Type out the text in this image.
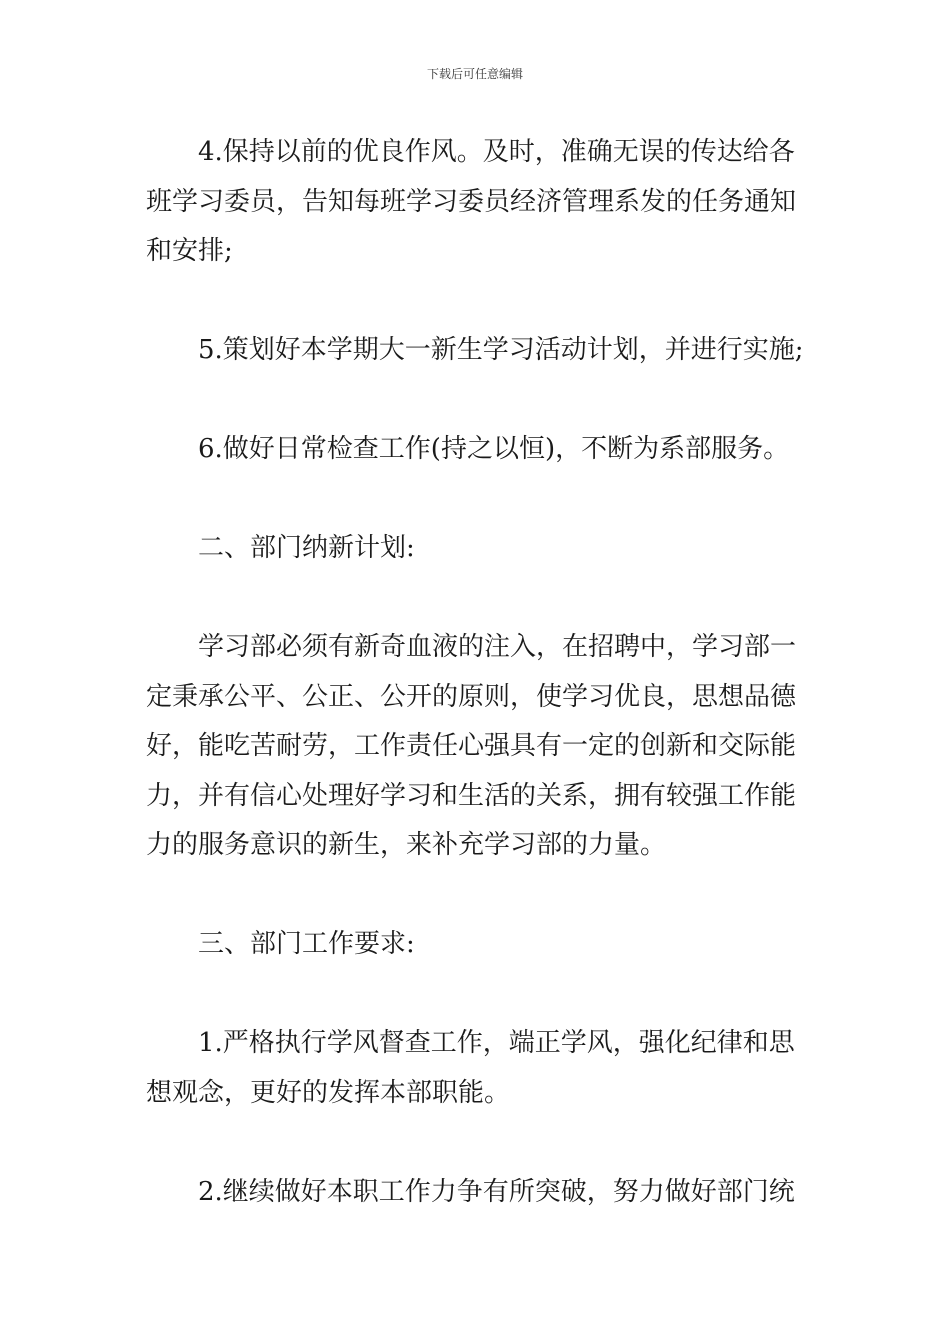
下载后可任意编辑

4.保持以前的优良作风。及时，准确无误的传达给各班学习委员，告知每班学习委员经济管理系发的任务通知和安排;

5.策划好本学期大一新生学习活动计划，并进行实施;

6.做好日常检查工作(持之以恒)，不断为系部服务。

二、部门纳新计划:

学习部必须有新奇血液的注入，在招聘中，学习部一定秉承公平、公正、公开的原则，使学习优良，思想品德好，能吃苦耐劳，工作责任心强具有一定的创新和交际能力，并有信心处理好学习和生活的关系，拥有较强工作能力的服务意识的新生，来补充学习部的力量。

三、部门工作要求:

1.严格执行学风督查工作，端正学风，强化纪律和思想观念，更好的发挥本部职能。

2.继续做好本职工作力争有所突破，努力做好部门统
